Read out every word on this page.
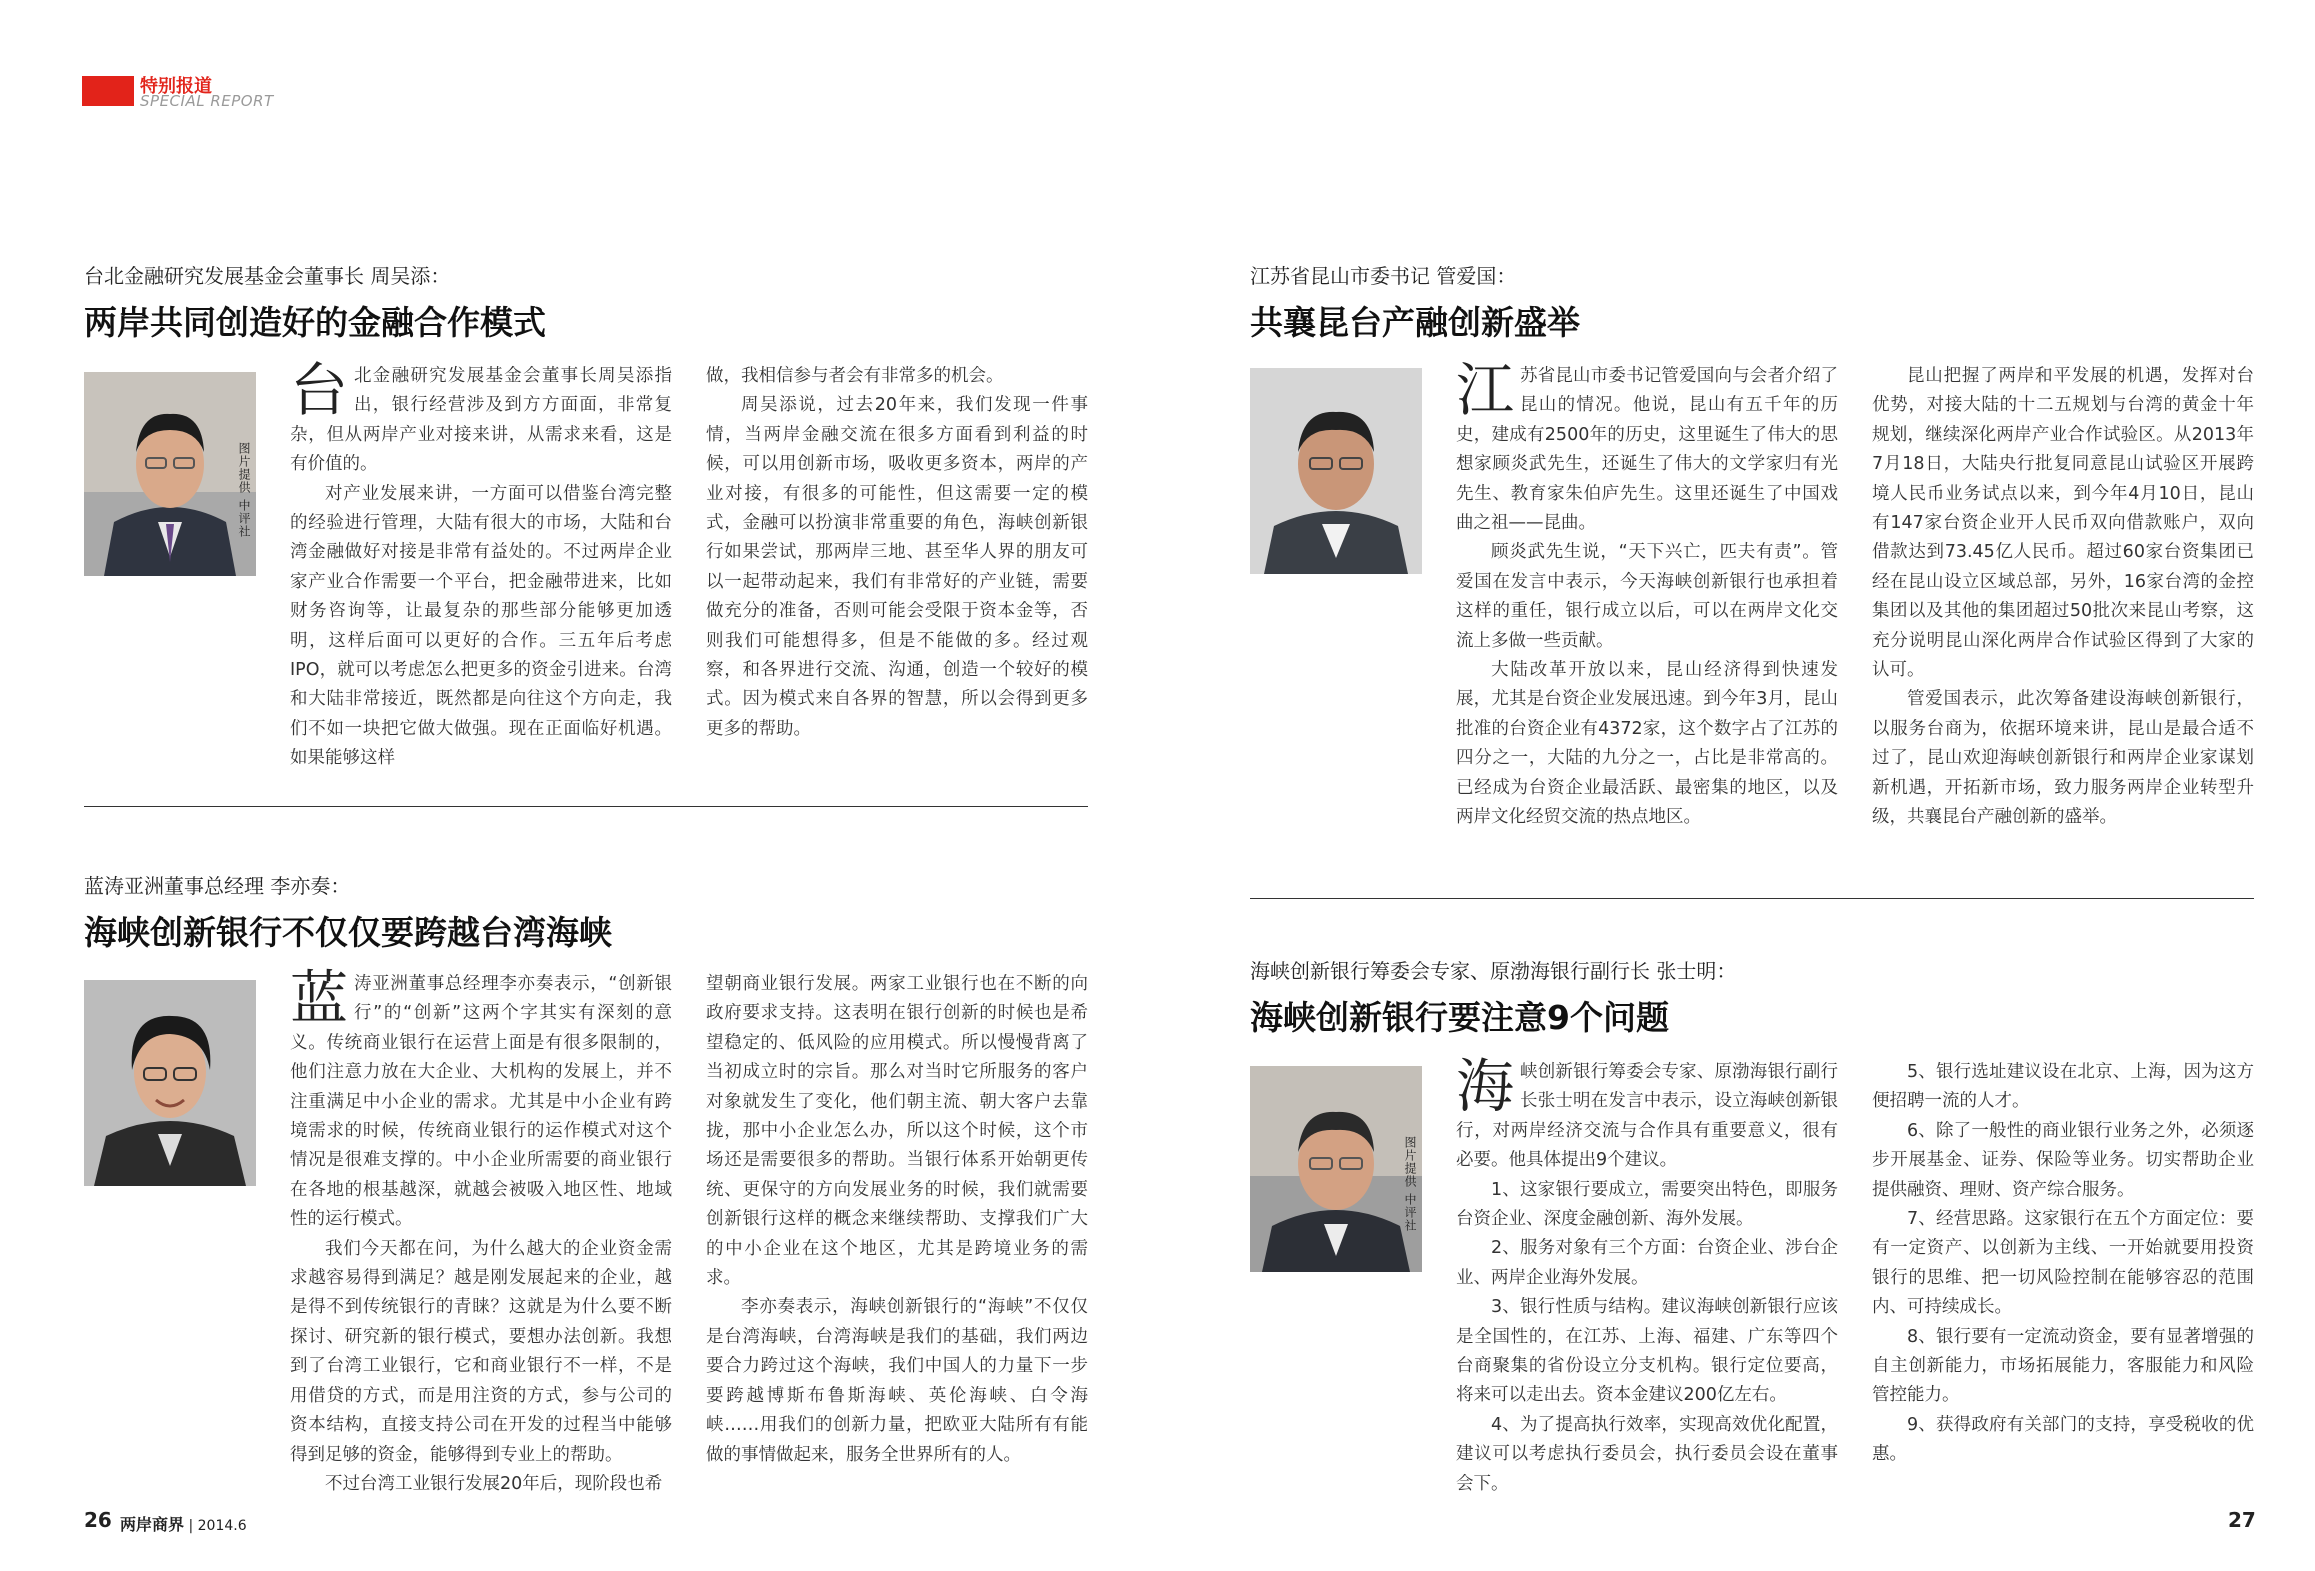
特别报道
SPECIAL REPORT
台北金融研究发展基金会董事长 周吴添：
两岸共同创造好的金融合作模式
图片提供 中评社

台北金融研究发展基金会董事长周吴添指出，银行经营涉及到方方面面，非常复杂，但从两岸产业对接来讲，从需求来看，这是有价值的。

对产业发展来讲，一方面可以借鉴台湾完整的经验进行管理，大陆有很大的市场，大陆和台湾金融做好对接是非常有益处的。不过两岸企业家产业合作需要一个平台，把金融带进来，比如财务咨询等，让最复杂的那些部分能够更加透明，这样后面可以更好的合作。三五年后考虑IPO，就可以考虑怎么把更多的资金引进来。台湾和大陆非常接近，既然都是向往这个方向走，我们不如一块把它做大做强。现在正面临好机遇。如果能够这样

做，我相信参与者会有非常多的机会。

周吴添说，过去20年来，我们发现一件事情，当两岸金融交流在很多方面看到利益的时候，可以用创新市场，吸收更多资本，两岸的产业对接，有很多的可能性，但这需要一定的模式，金融可以扮演非常重要的角色，海峡创新银行如果尝试，那两岸三地、甚至华人界的朋友可以一起带动起来，我们有非常好的产业链，需要做充分的准备，否则可能会受限于资本金等，否则我们可能想得多，但是不能做的多。经过观察，和各界进行交流、沟通，创造一个较好的模式。因为模式来自各界的智慧，所以会得到更多更多的帮助。

江苏省昆山市委书记 管爱国：
共襄昆台产融创新盛举

江苏省昆山市委书记管爱国向与会者介绍了昆山的情况。他说，昆山有五千年的历史，建成有2500年的历史，这里诞生了伟大的思想家顾炎武先生，还诞生了伟大的文学家归有光先生、教育家朱伯庐先生。这里还诞生了中国戏曲之祖——昆曲。

顾炎武先生说，“天下兴亡，匹夫有责”。管爱国在发言中表示，今天海峡创新银行也承担着这样的重任，银行成立以后，可以在两岸文化交流上多做一些贡献。

大陆改革开放以来，昆山经济得到快速发展，尤其是台资企业发展迅速。到今年3月，昆山批准的台资企业有4372家，这个数字占了江苏的四分之一，大陆的九分之一，占比是非常高的。已经成为台资企业最活跃、最密集的地区，以及两岸文化经贸交流的热点地区。

昆山把握了两岸和平发展的机遇，发挥对台优势，对接大陆的十二五规划与台湾的黄金十年规划，继续深化两岸产业合作试验区。从2013年7月18日，大陆央行批复同意昆山试验区开展跨境人民币业务试点以来，到今年4月10日，昆山有147家台资企业开人民币双向借款账户，双向借款达到73.45亿人民币。超过60家台资集团已经在昆山设立区域总部，另外，16家台湾的金控集团以及其他的集团超过50批次来昆山考察，这充分说明昆山深化两岸合作试验区得到了大家的认可。

管爱国表示，此次筹备建设海峡创新银行，以服务台商为，依据环境来讲，昆山是最合适不过了，昆山欢迎海峡创新银行和两岸企业家谋划新机遇，开拓新市场，致力服务两岸企业转型升级，共襄昆台产融创新的盛举。

蓝涛亚洲董事总经理 李亦奏：
海峡创新银行不仅仅要跨越台湾海峡

蓝涛亚洲董事总经理李亦奏表示，“创新银行”的“创新”这两个字其实有深刻的意义。传统商业银行在运营上面是有很多限制的，他们注意力放在大企业、大机构的发展上，并不注重满足中小企业的需求。尤其是中小企业有跨境需求的时候，传统商业银行的运作模式对这个情况是很难支撑的。中小企业所需要的商业银行在各地的根基越深，就越会被吸入地区性、地域性的运行模式。

我们今天都在问，为什么越大的企业资金需求越容易得到满足？越是刚发展起来的企业，越是得不到传统银行的青睐？这就是为什么要不断探讨、研究新的银行模式，要想办法创新。我想到了台湾工业银行，它和商业银行不一样，不是用借贷的方式，而是用注资的方式，参与公司的资本结构，直接支持公司在开发的过程当中能够得到足够的资金，能够得到专业上的帮助。

不过台湾工业银行发展20年后，现阶段也希

望朝商业银行发展。两家工业银行也在不断的向政府要求支持。这表明在银行创新的时候也是希望稳定的、低风险的应用模式。所以慢慢背离了当初成立时的宗旨。那么对当时它所服务的客户对象就发生了变化，他们朝主流、朝大客户去靠拢，那中小企业怎么办，所以这个时候，这个市场还是需要很多的帮助。当银行体系开始朝更传统、更保守的方向发展业务的时候，我们就需要创新银行这样的概念来继续帮助、支撑我们广大的中小企业在这个地区，尤其是跨境业务的需求。

李亦奏表示，海峡创新银行的“海峡”不仅仅是台湾海峡，台湾海峡是我们的基础，我们两边要合力跨过这个海峡，我们中国人的力量下一步要跨越博斯布鲁斯海峡、英伦海峡、白令海峡……用我们的创新力量，把欧亚大陆所有有能做的事情做起来，服务全世界所有的人。

海峡创新银行筹委会专家、原渤海银行副行长 张士明：
海峡创新银行要注意9个问题
图片提供 中评社

海峡创新银行筹委会专家、原渤海银行副行长张士明在发言中表示，设立海峡创新银行，对两岸经济交流与合作具有重要意义，很有必要。他具体提出9个建议。

1、这家银行要成立，需要突出特色，即服务台资企业、深度金融创新、海外发展。

2、服务对象有三个方面：台资企业、涉台企业、两岸企业海外发展。

3、银行性质与结构。建议海峡创新银行应该是全国性的，在江苏、上海、福建、广东等四个台商聚集的省份设立分支机构。银行定位要高，将来可以走出去。资本金建议200亿左右。

4、为了提高执行效率，实现高效优化配置，建议可以考虑执行委员会，执行委员会设在董事会下。

5、银行选址建议设在北京、上海，因为这方便招聘一流的人才。

6、除了一般性的商业银行业务之外，必须逐步开展基金、证券、保险等业务。切实帮助企业提供融资、理财、资产综合服务。

7、经营思路。这家银行在五个方面定位：要有一定资产、以创新为主线、一开始就要用投资银行的思维、把一切风险控制在能够容忍的范围内、可持续成长。

8、银行要有一定流动资金，要有显著增强的自主创新能力，市场拓展能力，客服能力和风险管控能力。

9、获得政府有关部门的支持，享受税收的优惠。

26 两岸商界 | 2014.6	27
